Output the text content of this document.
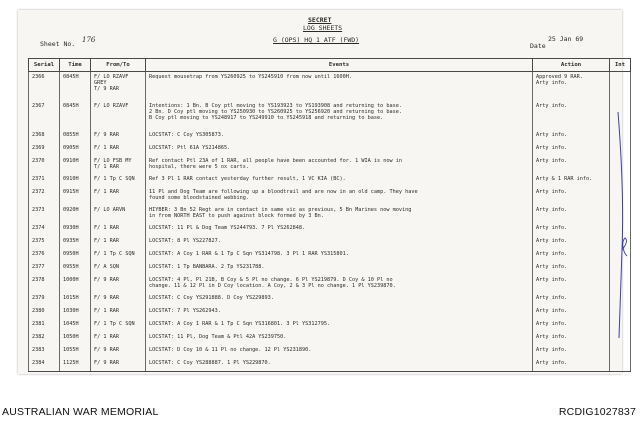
SECRET
LOG SHEETS
G (OPS) HQ 1 ATF (FWD)
Sheet No. 176
Date
25 Jan 69
Serial	Time	From/To	Events	Action	Int
2366	0845H	F/ LO RZAVF
GREY
T/ 9 RAR	Request mousetrap from YS260925 to YS245910 from now until 1600H.	Approved 9 RAR.
Arty info.	
2367	0845H	F/ LO RZAVF	Intentions: 1 Bn. B Coy ptl moving to YS193923 to YS193908 and returning to base.
2 Bn. D Coy ptl moving to YS250930 to YS260925 to YS256920 and returning to base.
B Coy ptl moving to YS248917 to YS249910 to YS245918 and returning to base.	Arty info.	
2368	0855H	F/ 9 RAR	LOCSTAT: C Coy YS305873.	Arty info.	
2369	0905H	F/ 1 RAR	LOCSTAT: Ptl 61A YS214865.	Arty info.	
2370	0910H	F/ LO FSB MY
T/ 1 RAR	Ref contact Ptl 23A of 1 RAR, all people have been accounted for. 1 WIA is now in
hospital, there were 5 ox carts.	Arty info.	
2371	0910H	F/ 1 Tp C SQN	Ref 3 Pl 1 RAR contact yesterday further result, 1 VC KIA (BC).	Arty & 1 RAR info.	
2372	0915H	F/ 1 RAR	11 Pl and Dog Team are following up a bloodtrail and are now in an old camp. They have
found some bloodstained webbing.	Arty info.	
2373	0920H	F/ LO ARVN	HIYBER: 3 Bn 52 Regt are in contact in same vic as previous, 5 Bn Marines now moving
in from NORTH EAST to push against block formed by 3 Bn.	Arty info.	
2374	0930H	F/ 1 RAR	LOCSTAT: 11 Pl & Dog Team YS244793. 7 Pl YS262848.	Arty info.	
2375	0935H	F/ 1 RAR	LOCSTAT: 8 Pl YS227827.	Arty info.	
2376	0950H	F/ 1 Tp C SQN	LOCSTAT: A Coy 1 RAR & 1 Tp C Sqn YS314798. 3 Pl 1 RAR YS315801.	Arty info.	
2377	0955H	F/ A SQN	LOCSTAT: 1 Tp BANBARA. 2 Tp YS231788.	Arty info.	
2378	1000H	F/ 9 RAR	LOCSTAT: 4 Pl, Pl 21B, B Coy & 5 Pl no change. 6 Pl YS219879. D Coy & 10 Pl no
change. 11 & 12 Pl in D Coy location. A Coy, 2 & 3 Pl no change. 1 Pl YS239870.	Arty info.	
2379	1015H	F/ 9 RAR	LOCSTAT: C Coy YS291888. D Coy YS229893.	Arty info.	
2380	1030H	F/ 1 RAR	LOCSTAT: 7 Pl YS262943.	Arty info.	
2381	1045H	F/ 1 Tp C SQN	LOCSTAT: A Coy 1 RAR & 1 Tp C Sqn YS316801. 3 Pl YS312795.	Arty info.	
2382	1050H	F/ 1 RAR	LOCSTAT: 11 Pl, Dog Team & Ptl 42A YS239750.	Arty info.	
2383	1055H	F/ 9 RAR	LOCSTAT: D Coy 10 & 11 Pl no change. 12 Pl YS231890.	Arty info.	
2384	1125H	F/ 9 RAR	LOCSTAT: C Coy YS288887. 1 Pl YS229870.	Arty info.	
AUSTRALIAN WAR MEMORIAL	RCDIG1027837
